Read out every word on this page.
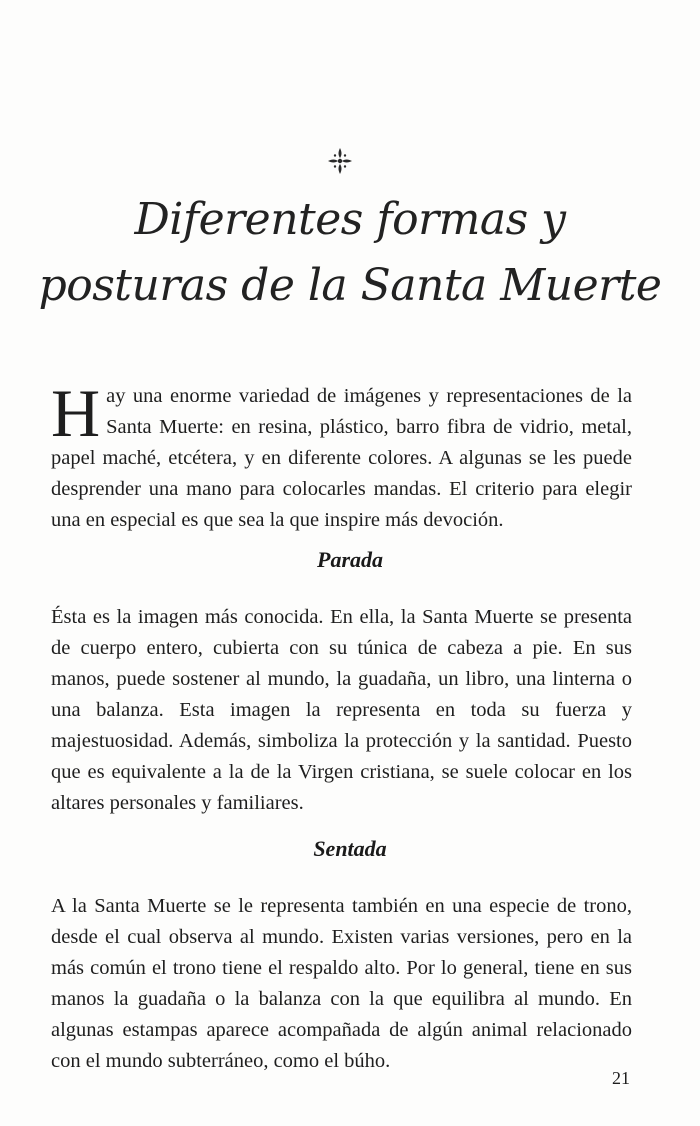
Diferentes formas y
posturas de la Santa Muerte

Hay una enorme variedad de imágenes y representaciones de la Santa Muerte: en resina, plástico, barro fibra de vidrio, metal, papel maché, etcétera, y en diferente colores. A algunas se les puede desprender una mano para colocarles mandas. El criterio para elegir una en especial es que sea la que inspire más devoción.

Parada

Ésta es la imagen más conocida. En ella, la Santa Muerte se presenta de cuerpo entero, cubierta con su túnica de cabeza a pie. En sus manos, puede sostener al mundo, la guadaña, un libro, una linterna o una balanza. Esta imagen la representa en toda su fuerza y majestuosidad. Además, simboliza la protección y la santidad. Puesto que es equivalente a la de la Virgen cristiana, se suele colocar en los altares personales y familiares.

Sentada

A la Santa Muerte se le representa también en una especie de trono, desde el cual observa al mundo. Existen varias versiones, pero en la más común el trono tiene el respaldo alto. Por lo general, tiene en sus manos la guadaña o la balanza con la que equilibra al mundo. En algunas estampas aparece acompañada de algún animal relacionado con el mundo subterráneo, como el búho.

21
